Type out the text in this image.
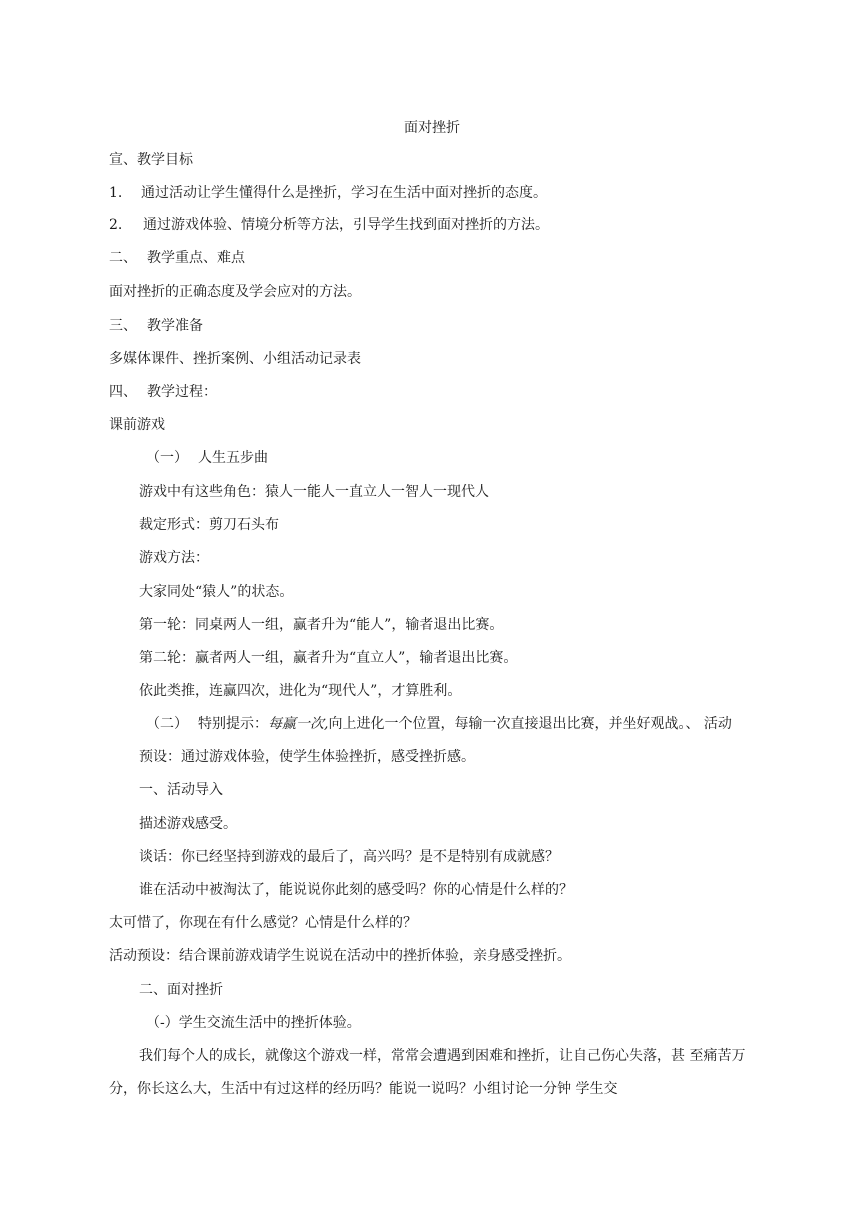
面对挫折
宣、教学目标
1. 通过活动让学生懂得什么是挫折，学习在生活中面对挫折的态度。
2. 通过游戏体验、情境分析等方法，引导学生找到面对挫折的方法。
二、 教学重点、难点
面对挫折的正确态度及学会应对的方法。
三、 教学准备
多媒体课件、挫折案例、小组活动记录表
四、 教学过程：
课前游戏
（一） 人生五步曲
游戏中有这些角色：猿人一能人一直立人一智人一现代人
裁定形式：剪刀石头布
游戏方法：
大家同处“猿人”的状态。
第一轮：同桌两人一组，赢者升为“能人”，输者退出比赛。
第二轮：赢者两人一组，赢者升为“直立人”，输者退出比赛。
依此类推，连赢四次，进化为“现代人”，才算胜利。
（二） 特别提示：每赢一次,向上进化一个位置，每输一次直接退出比赛，并坐好观战。、 活动
预设：通过游戏体验，使学生体验挫折，感受挫折感。
一、活动导入
描述游戏感受。
谈话：你已经坚持到游戏的最后了，高兴吗？是不是特别有成就感？
谁在活动中被淘汰了，能说说你此刻的感受吗？你的心情是什么样的？
太可惜了，你现在有什么感觉？心情是什么样的？
活动预设：结合课前游戏请学生说说在活动中的挫折体验，亲身感受挫折。
二、面对挫折
（-）学生交流生活中的挫折体验。
我们每个人的成长，就像这个游戏一样，常常会遭遇到困难和挫折，让自己伤心失落，甚 至痛苦万
分，你长这么大，生活中有过这样的经历吗？能说一说吗？小组讨论一分钟 学生交
